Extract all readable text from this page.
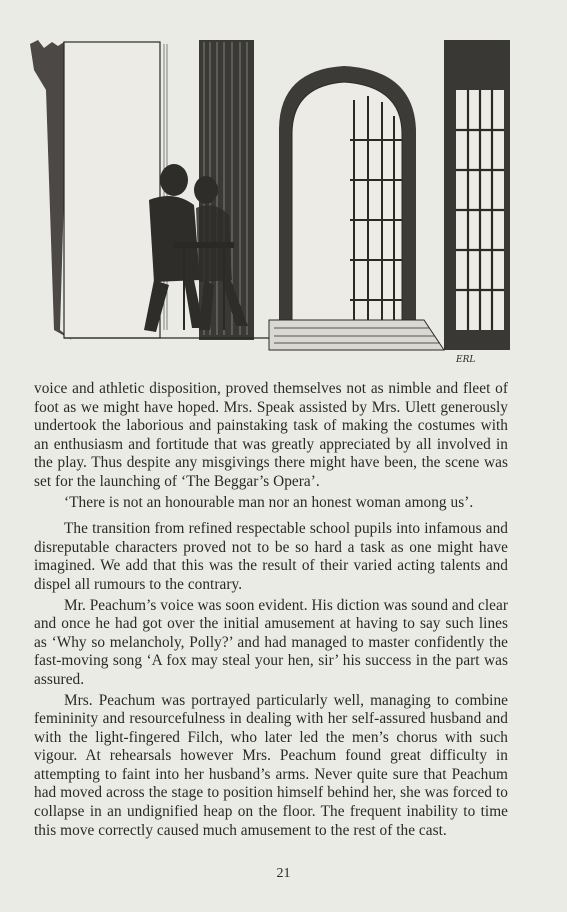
ERL

voice and athletic disposition, proved themselves not as nimble and fleet of foot as we might have hoped. Mrs. Speak assisted by Mrs. Ulett generously undertook the laborious and painstaking task of making the costumes with an enthusiasm and fortitude that was greatly appreciated by all involved in the play. Thus despite any misgivings there might have been, the scene was set for the launching of ‘The Beggar’s Opera’.

‘There is not an honourable man nor an honest woman among us’.

The transition from refined respectable school pupils into infamous and disreputable characters proved not to be so hard a task as one might have imagined. We add that this was the result of their varied acting talents and dispel all rumours to the contrary.

Mr. Peachum’s voice was soon evident. His diction was sound and clear and once he had got over the initial amusement at having to say such lines as ‘Why so melancholy, Polly?’ and had managed to master confidently the fast-moving song ‘A fox may steal your hen, sir’ his success in the part was assured.

Mrs. Peachum was portrayed particularly well, managing to combine femininity and resourcefulness in dealing with her self-assured husband and with the light-fingered Filch, who later led the men’s chorus with such vigour. At rehearsals however Mrs. Peachum found great difficulty in attempting to faint into her husband’s arms. Never quite sure that Peachum had moved across the stage to position himself behind her, she was forced to collapse in an undignified heap on the floor. The frequent inability to time this move correctly caused much amusement to the rest of the cast.

21
